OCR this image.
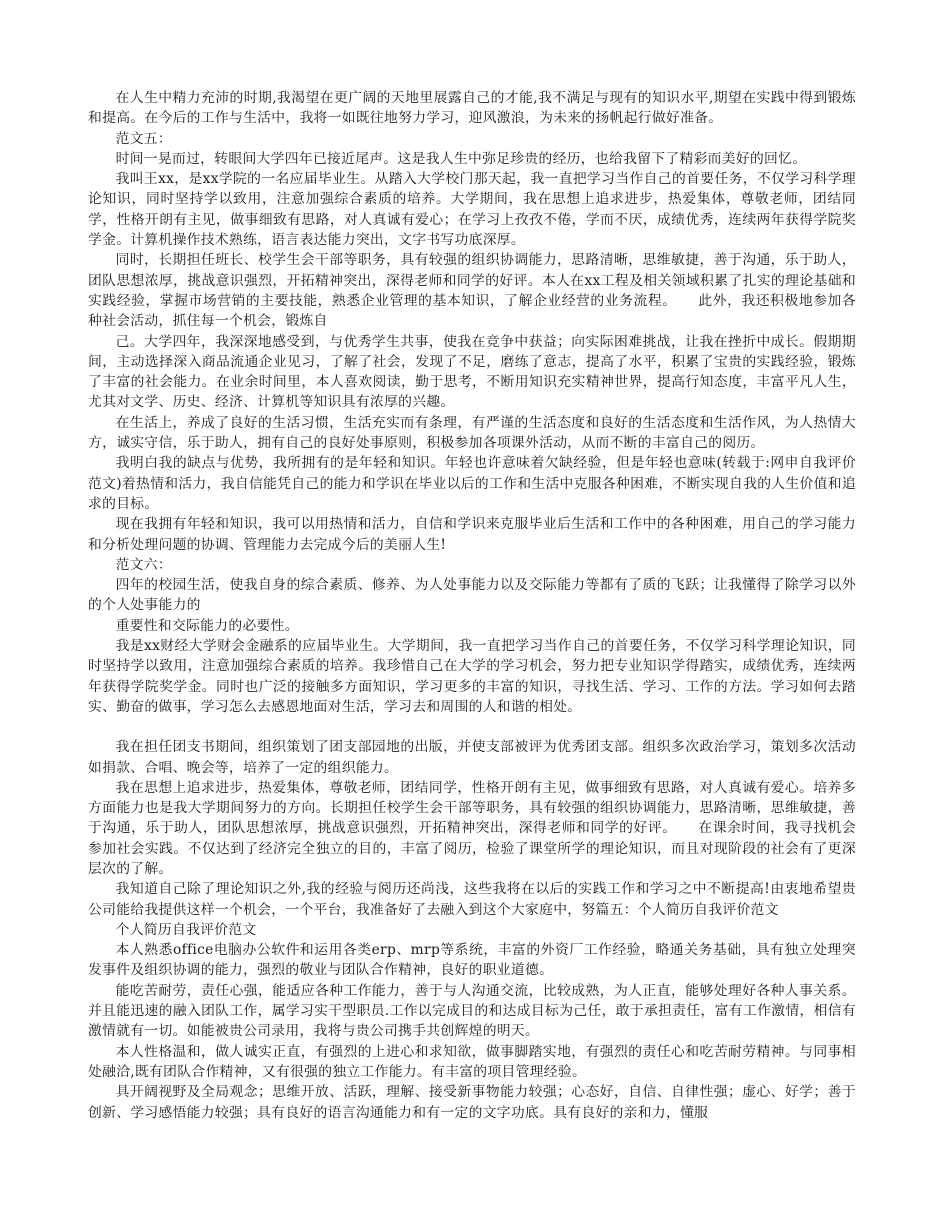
在人生中精力充沛的时期,我渴望在更广阔的天地里展露自己的才能,我不满足与现有的知识水平,期望在实践中得到锻炼和提高。在今后的工作与生活中，我将一如既往地努力学习，迎风激浪，为未来的扬帆起行做好准备。

范文五：

时间一晃而过，转眼间大学四年已接近尾声。这是我人生中弥足珍贵的经历，也给我留下了精彩而美好的回忆。

我叫王xx，是xx学院的一名应届毕业生。从踏入大学校门那天起，我一直把学习当作自己的首要任务，不仅学习科学理论知识，同时坚持学以致用，注意加强综合素质的培养。大学期间，我在思想上追求进步，热爱集体，尊敬老师，团结同学，性格开朗有主见，做事细致有思路，对人真诚有爱心；在学习上孜孜不倦，学而不厌，成绩优秀，连续两年获得学院奖学金。计算机操作技术熟练，语言表达能力突出，文字书写功底深厚。

同时，长期担任班长、校学生会干部等职务，具有较强的组织协调能力，思路清晰，思维敏捷，善于沟通，乐于助人，团队思想浓厚，挑战意识强烈，开拓精神突出，深得老师和同学的好评。本人在xx工程及相关领域积累了扎实的理论基础和实践经验，掌握市场营销的主要技能，熟悉企业管理的基本知识，了解企业经营的业务流程。　　此外，我还积极地参加各种社会活动，抓住每一个机会，锻炼自

己。大学四年，我深深地感受到，与优秀学生共事，使我在竞争中获益；向实际困难挑战，让我在挫折中成长。假期期间，主动选择深入商品流通企业见习，了解了社会，发现了不足，磨练了意志，提高了水平，积累了宝贵的实践经验，锻炼了丰富的社会能力。在业余时间里，本人喜欢阅读，勤于思考，不断用知识充实精神世界，提高行知态度，丰富平凡人生，尤其对文学、历史、经济、计算机等知识具有浓厚的兴趣。

在生活上，养成了良好的生活习惯，生活充实而有条理，有严谨的生活态度和良好的生活态度和生活作风，为人热情大方，诚实守信，乐于助人，拥有自己的良好处事原则，积极参加各项课外活动，从而不断的丰富自己的阅历。

我明白我的缺点与优势，我所拥有的是年轻和知识。年轻也许意味着欠缺经验，但是年轻也意味(转载于:网申自我评价范文)着热情和活力，我自信能凭自己的能力和学识在毕业以后的工作和生活中克服各种困难，不断实现自我的人生价值和追求的目标。

现在我拥有年轻和知识，我可以用热情和活力，自信和学识来克服毕业后生活和工作中的各种困难，用自己的学习能力和分析处理问题的协调、管理能力去完成今后的美丽人生!

范文六：

四年的校园生活，使我自身的综合素质、修养、为人处事能力以及交际能力等都有了质的飞跃；让我懂得了除学习以外的个人处事能力的

重要性和交际能力的必要性。

我是xx财经大学财会金融系的应届毕业生。大学期间，我一直把学习当作自己的首要任务，不仅学习科学理论知识，同时坚持学以致用，注意加强综合素质的培养。我珍惜自己在大学的学习机会，努力把专业知识学得踏实，成绩优秀，连续两年获得学院奖学金。同时也广泛的接触多方面知识，学习更多的丰富的知识，寻找生活、学习、工作的方法。学习如何去踏实、勤奋的做事，学习怎么去感恩地面对生活，学习去和周围的人和谐的相处。

我在担任团支书期间，组织策划了团支部园地的出版，并使支部被评为优秀团支部。组织多次政治学习，策划多次活动如捐款、合唱、晚会等，培养了一定的组织能力。

我在思想上追求进步，热爱集体，尊敬老师，团结同学，性格开朗有主见，做事细致有思路，对人真诚有爱心。培养多方面能力也是我大学期间努力的方向。长期担任校学生会干部等职务，具有较强的组织协调能力，思路清晰，思维敏捷，善于沟通，乐于助人，团队思想浓厚，挑战意识强烈，开拓精神突出，深得老师和同学的好评。　　在课余时间，我寻找机会参加社会实践。不仅达到了经济完全独立的目的，丰富了阅历，检验了课堂所学的理论知识，而且对现阶段的社会有了更深层次的了解。

我知道自己除了理论知识之外,我的经验与阅历还尚浅，这些我将在以后的实践工作和学习之中不断提高!由衷地希望贵公司能给我提供这样一个机会，一个平台，我准备好了去融入到这个大家庭中，努篇五：个人简历自我评价范文

个人简历自我评价范文

本人熟悉office电脑办公软件和运用各类erp、mrp等系统，丰富的外资厂工作经验，略通关务基础，具有独立处理突发事件及组织协调的能力，强烈的敬业与团队合作精神，良好的职业道德。

能吃苦耐劳，责任心强，能适应各种工作能力，善于与人沟通交流，比较成熟，为人正直，能够处理好各种人事关系。并且能迅速的融入团队工作，属学习实干型职员.工作以完成目的和达成目标为己任，敢于承担责任，富有工作激情，相信有激情就有一切。如能被贵公司录用，我将与贵公司携手共创辉煌的明天。

本人性格温和，做人诚实正直，有强烈的上进心和求知欲，做事脚踏实地，有强烈的责任心和吃苦耐劳精神。与同事相处融洽,既有团队合作精神，又有很强的独立工作能力。有丰富的项目管理经验。

具开阔视野及全局观念；思维开放、活跃，理解、接受新事物能力较强；心态好，自信、自律性强；虚心、好学；善于创新、学习感悟能力较强；具有良好的语言沟通能力和有一定的文字功底。具有良好的亲和力，懂服
